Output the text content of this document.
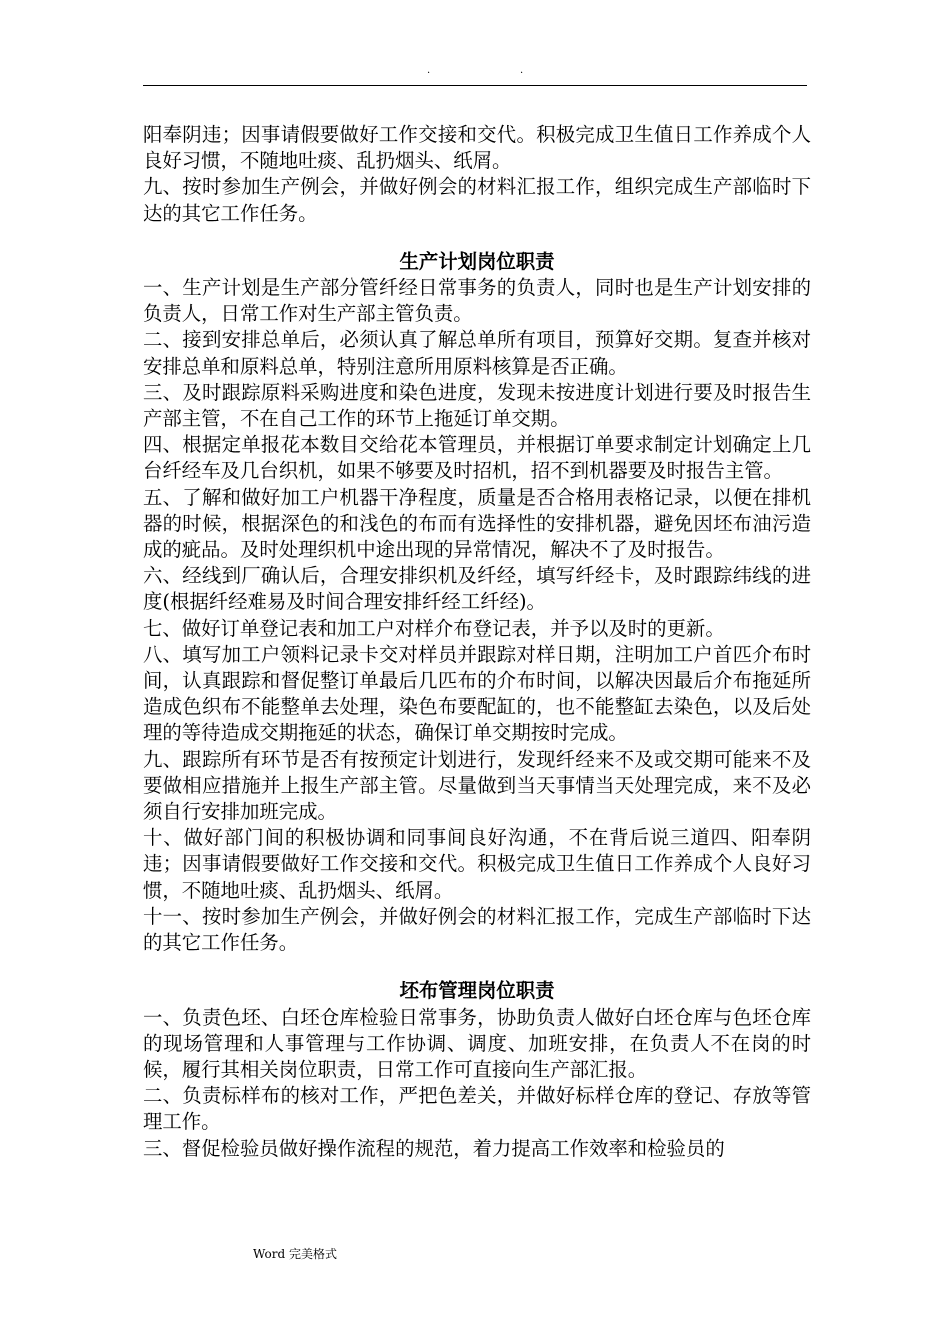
.	.

阳奉阴违；因事请假要做好工作交接和交代。积极完成卫生值日工作养成个人良好习惯，不随地吐痰、乱扔烟头、纸屑。

九、按时参加生产例会，并做好例会的材料汇报工作，组织完成生产部临时下达的其它工作任务。

生产计划岗位职责

一、生产计划是生产部分管纤经日常事务的负责人，同时也是生产计划安排的负责人，日常工作对生产部主管负责。

二、接到安排总单后，必须认真了解总单所有项目，预算好交期。复查并核对安排总单和原料总单，特别注意所用原料核算是否正确。

三、及时跟踪原料采购进度和染色进度，发现未按进度计划进行要及时报告生产部主管，不在自己工作的环节上拖延订单交期。

四、根据定单报花本数目交给花本管理员，并根据订单要求制定计划确定上几台纤经车及几台织机，如果不够要及时招机，招不到机器要及时报告主管。

五、了解和做好加工户机器干净程度，质量是否合格用表格记录，以便在排机器的时候，根据深色的和浅色的布而有选择性的安排机器，避免因坯布油污造成的疵品。及时处理织机中途出现的异常情况，解决不了及时报告。

六、经线到厂确认后，合理安排织机及纤经，填写纤经卡，及时跟踪纬线的进度(根据纤经难易及时间合理安排纤经工纤经)。

七、做好订单登记表和加工户对样介布登记表，并予以及时的更新。

八、填写加工户领料记录卡交对样员并跟踪对样日期，注明加工户首匹介布时间，认真跟踪和督促整订单最后几匹布的介布时间，以解决因最后介布拖延所造成色织布不能整单去处理，染色布要配缸的，也不能整缸去染色，以及后处理的等待造成交期拖延的状态，确保订单交期按时完成。

九、跟踪所有环节是否有按预定计划进行，发现纤经来不及或交期可能来不及要做相应措施并上报生产部主管。尽量做到当天事情当天处理完成，来不及必须自行安排加班完成。

十、做好部门间的积极协调和同事间良好沟通，不在背后说三道四、阳奉阴违；因事请假要做好工作交接和交代。积极完成卫生值日工作养成个人良好习惯，不随地吐痰、乱扔烟头、纸屑。

十一、按时参加生产例会，并做好例会的材料汇报工作，完成生产部临时下达的其它工作任务。

坯布管理岗位职责

一、负责色坯、白坯仓库检验日常事务，协助负责人做好白坯仓库与色坯仓库的现场管理和人事管理与工作协调、调度、加班安排，在负责人不在岗的时候，履行其相关岗位职责，日常工作可直接向生产部汇报。

二、负责标样布的核对工作，严把色差关，并做好标样仓库的登记、存放等管理工作。

三、督促检验员做好操作流程的规范，着力提高工作效率和检验员的

Word 完美格式
